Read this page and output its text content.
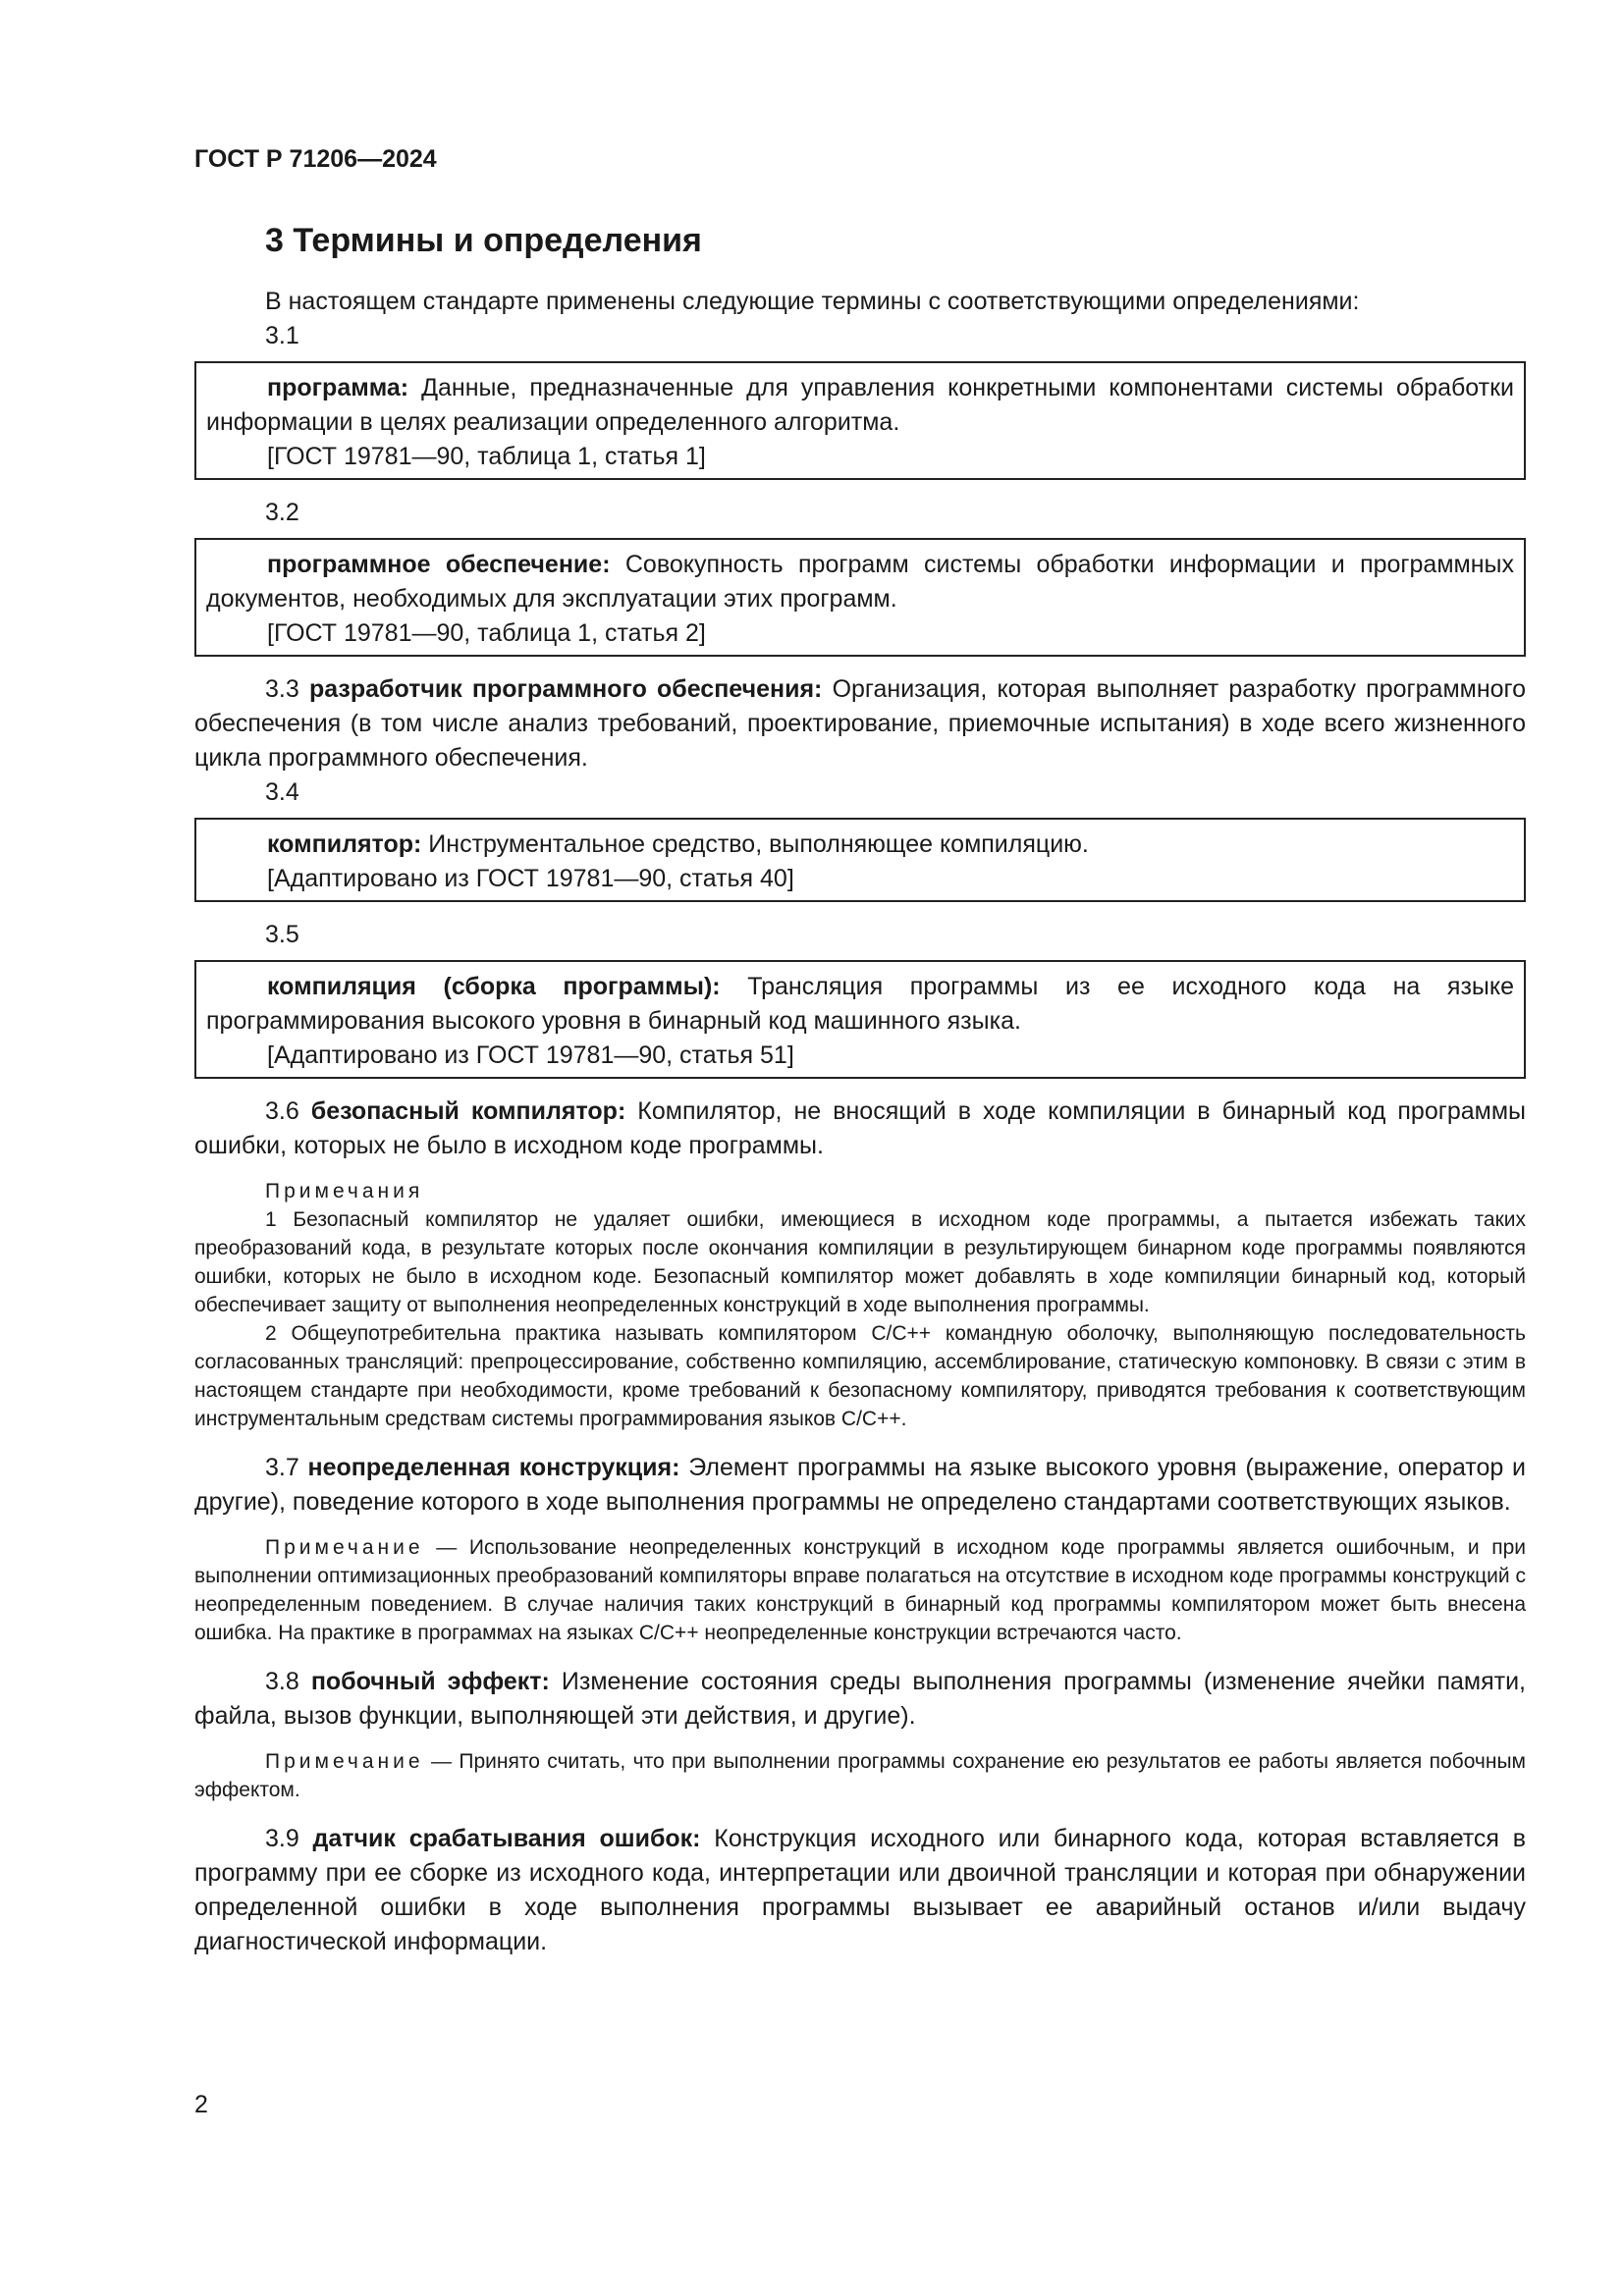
ГОСТ Р 71206—2024

3 Термины и определения

В настоящем стандарте применены следующие термины с соответствующими определениями:

3.1

программа: Данные, предназначенные для управления конкретными компонентами системы обработки информации в целях реализации определенного алгоритма.

[ГОСТ 19781—90, таблица 1, статья 1]

3.2

программное обеспечение: Совокупность программ системы обработки информации и программных документов, необходимых для эксплуатации этих программ.

[ГОСТ 19781—90, таблица 1, статья 2]

3.3 разработчик программного обеспечения: Организация, которая выполняет разработку программного обеспечения (в том числе анализ требований, проектирование, приемочные испытания) в ходе всего жизненного цикла программного обеспечения.

3.4

компилятор: Инструментальное средство, выполняющее компиляцию.

[Адаптировано из ГОСТ 19781—90, статья 40]

3.5

компиляция (сборка программы): Трансляция программы из ее исходного кода на языке программирования высокого уровня в бинарный код машинного языка.

[Адаптировано из ГОСТ 19781—90, статья 51]

3.6 безопасный компилятор: Компилятор, не вносящий в ходе компиляции в бинарный код программы ошибки, которых не было в исходном коде программы.

Примечания

1 Безопасный компилятор не удаляет ошибки, имеющиеся в исходном коде программы, а пытается избежать таких преобразований кода, в результате которых после окончания компиляции в результирующем бинарном коде программы появляются ошибки, которых не было в исходном коде. Безопасный компилятор может добавлять в ходе компиляции бинарный код, который обеспечивает защиту от выполнения неопределенных конструкций в ходе выполнения программы.

2 Общеупотребительна практика называть компилятором С/С++ командную оболочку, выполняющую последовательность согласованных трансляций: препроцессирование, собственно компиляцию, ассемблирование, статическую компоновку. В связи с этим в настоящем стандарте при необходимости, кроме требований к безопасному компилятору, приводятся требования к соответствующим инструментальным средствам системы программирования языков С/С++.

3.7 неопределенная конструкция: Элемент программы на языке высокого уровня (выражение, оператор и другие), поведение которого в ходе выполнения программы не определено стандартами соответствующих языков.

Примечание — Использование неопределенных конструкций в исходном коде программы является ошибочным, и при выполнении оптимизационных преобразований компиляторы вправе полагаться на отсутствие в исходном коде программы конструкций с неопределенным поведением. В случае наличия таких конструкций в бинарный код программы компилятором может быть внесена ошибка. На практике в программах на языках С/С++ неопределенные конструкции встречаются часто.

3.8 побочный эффект: Изменение состояния среды выполнения программы (изменение ячейки памяти, файла, вызов функции, выполняющей эти действия, и другие).

Примечание — Принято считать, что при выполнении программы сохранение ею результатов ее работы является побочным эффектом.

3.9 датчик срабатывания ошибок: Конструкция исходного или бинарного кода, которая вставляется в программу при ее сборке из исходного кода, интерпретации или двоичной трансляции и которая при обнаружении определенной ошибки в ходе выполнения программы вызывает ее аварийный останов и/или выдачу диагностической информации.

2
